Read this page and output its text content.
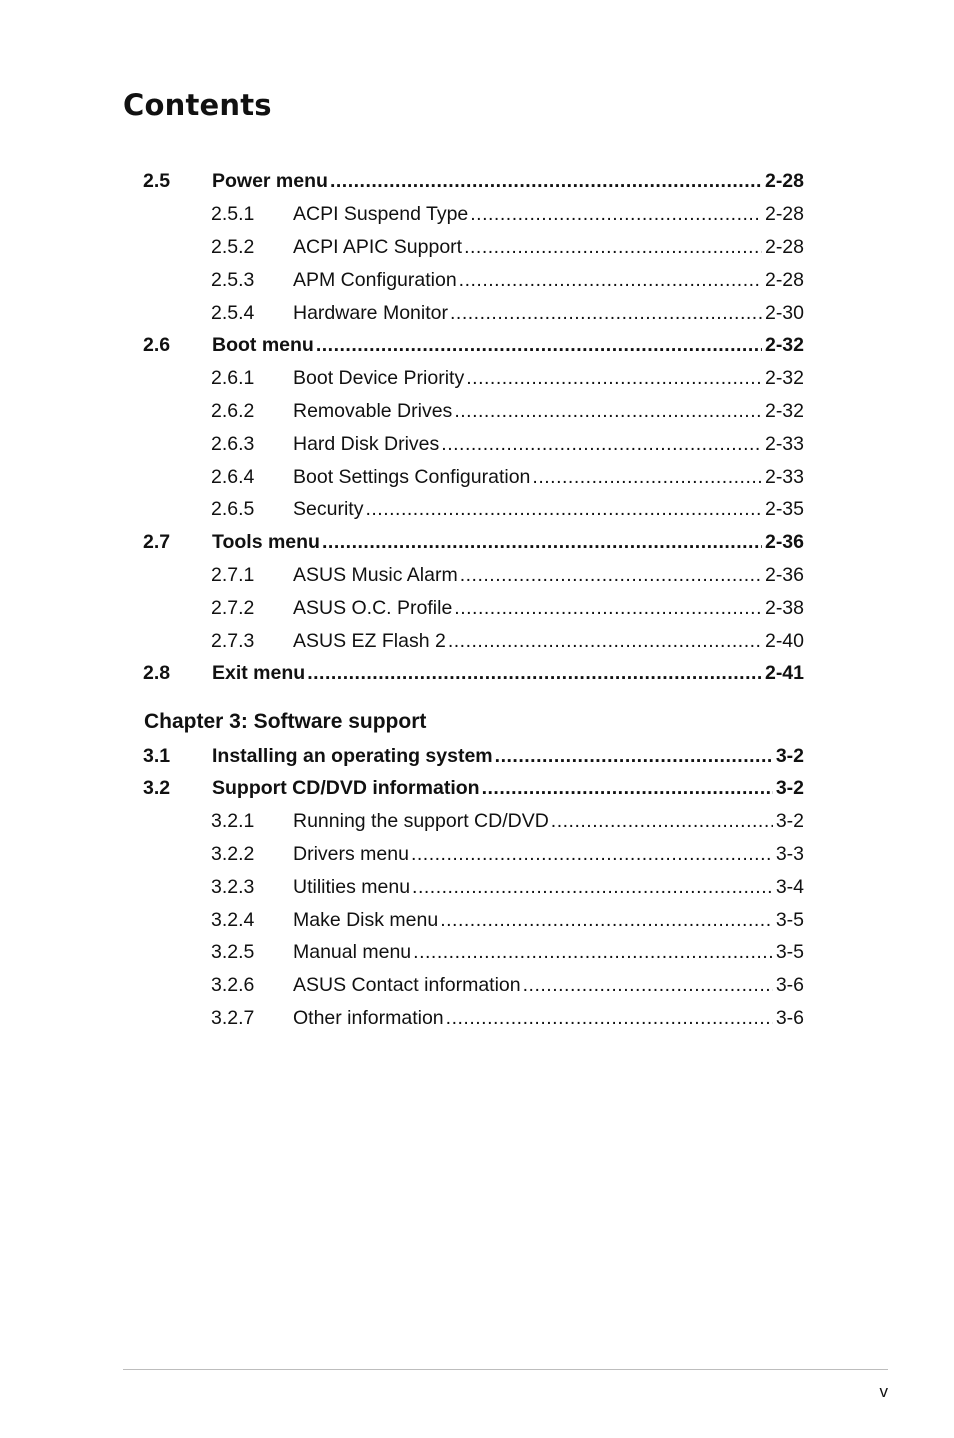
Contents
2.5 Power menu .....	2-28
2.5.1 ACPI Suspend Type .....	2-28
2.5.2 ACPI APIC Support .....	2-28
2.5.3 APM Configuration .....	2-28
2.5.4 Hardware Monitor .....	2-30
2.6 Boot menu .....	2-32
2.6.1 Boot Device Priority .....	2-32
2.6.2 Removable Drives .....	2-32
2.6.3 Hard Disk Drives .....	2-33
2.6.4 Boot Settings Configuration .....	2-33
2.6.5 Security .....	2-35
2.7 Tools menu .....	2-36
2.7.1 ASUS Music Alarm .....	2-36
2.7.2 ASUS O.C. Profile .....	2-38
2.7.3 ASUS EZ Flash 2 .....	2-40
2.8 Exit menu .....	2-41
Chapter 3: Software support
3.1 Installing an operating system .....	3-2
3.2 Support CD/DVD information .....	3-2
3.2.1 Running the support CD/DVD .....	3-2
3.2.2 Drivers menu .....	3-3
3.2.3 Utilities menu .....	3-4
3.2.4 Make Disk menu .....	3-5
3.2.5 Manual menu .....	3-5
3.2.6 ASUS Contact information .....	3-6
3.2.7 Other information .....	3-6
v
